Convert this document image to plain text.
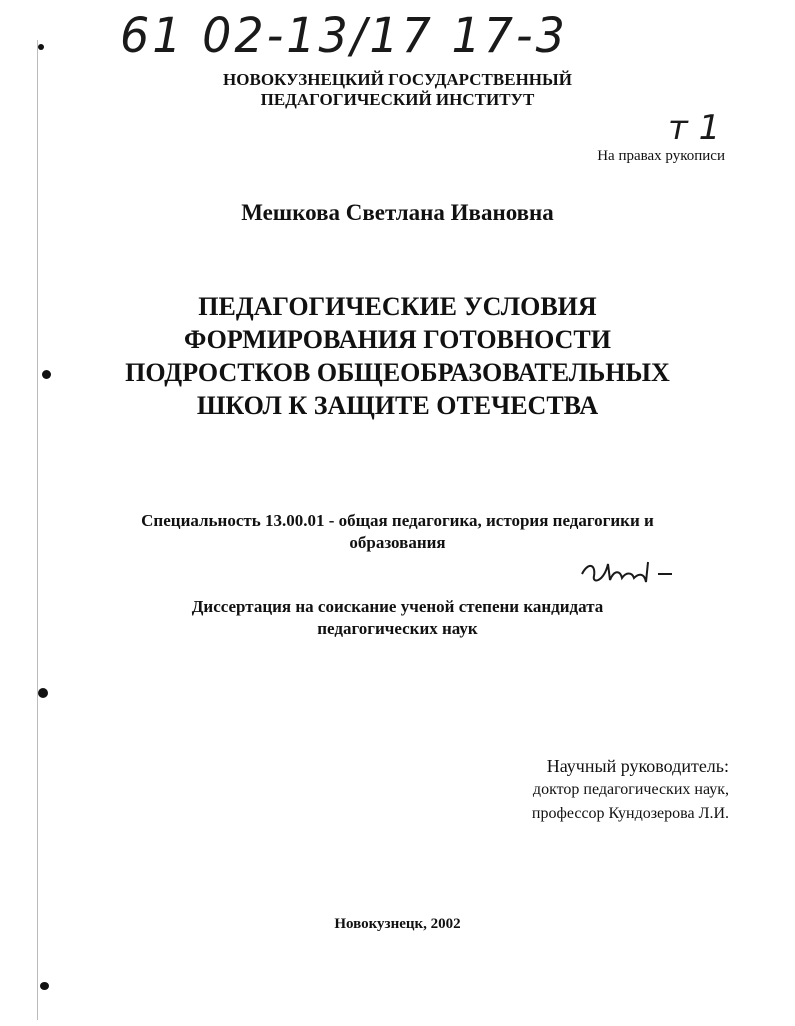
61 02-13/17 17-3
НОВОКУЗНЕЦКИЙ ГОСУДАРСТВЕННЫЙ
ПЕДАГОГИЧЕСКИЙ ИНСТИТУТ
т 1
На правах рукописи
Мешкова Светлана Ивановна
ПЕДАГОГИЧЕСКИЕ УСЛОВИЯ
ФОРМИРОВАНИЯ ГОТОВНОСТИ
ПОДРОСТКОВ ОБЩЕОБРАЗОВАТЕЛЬНЫХ
ШКОЛ К ЗАЩИТЕ ОТЕЧЕСТВА
Специальность 13.00.01 - общая педагогика, история педагогики и
образования
Диссертация на соискание ученой степени кандидата
педагогических наук
Научный руководитель:
доктор педагогических наук,
профессор Кундозерова Л.И.
Новокузнецк, 2002
